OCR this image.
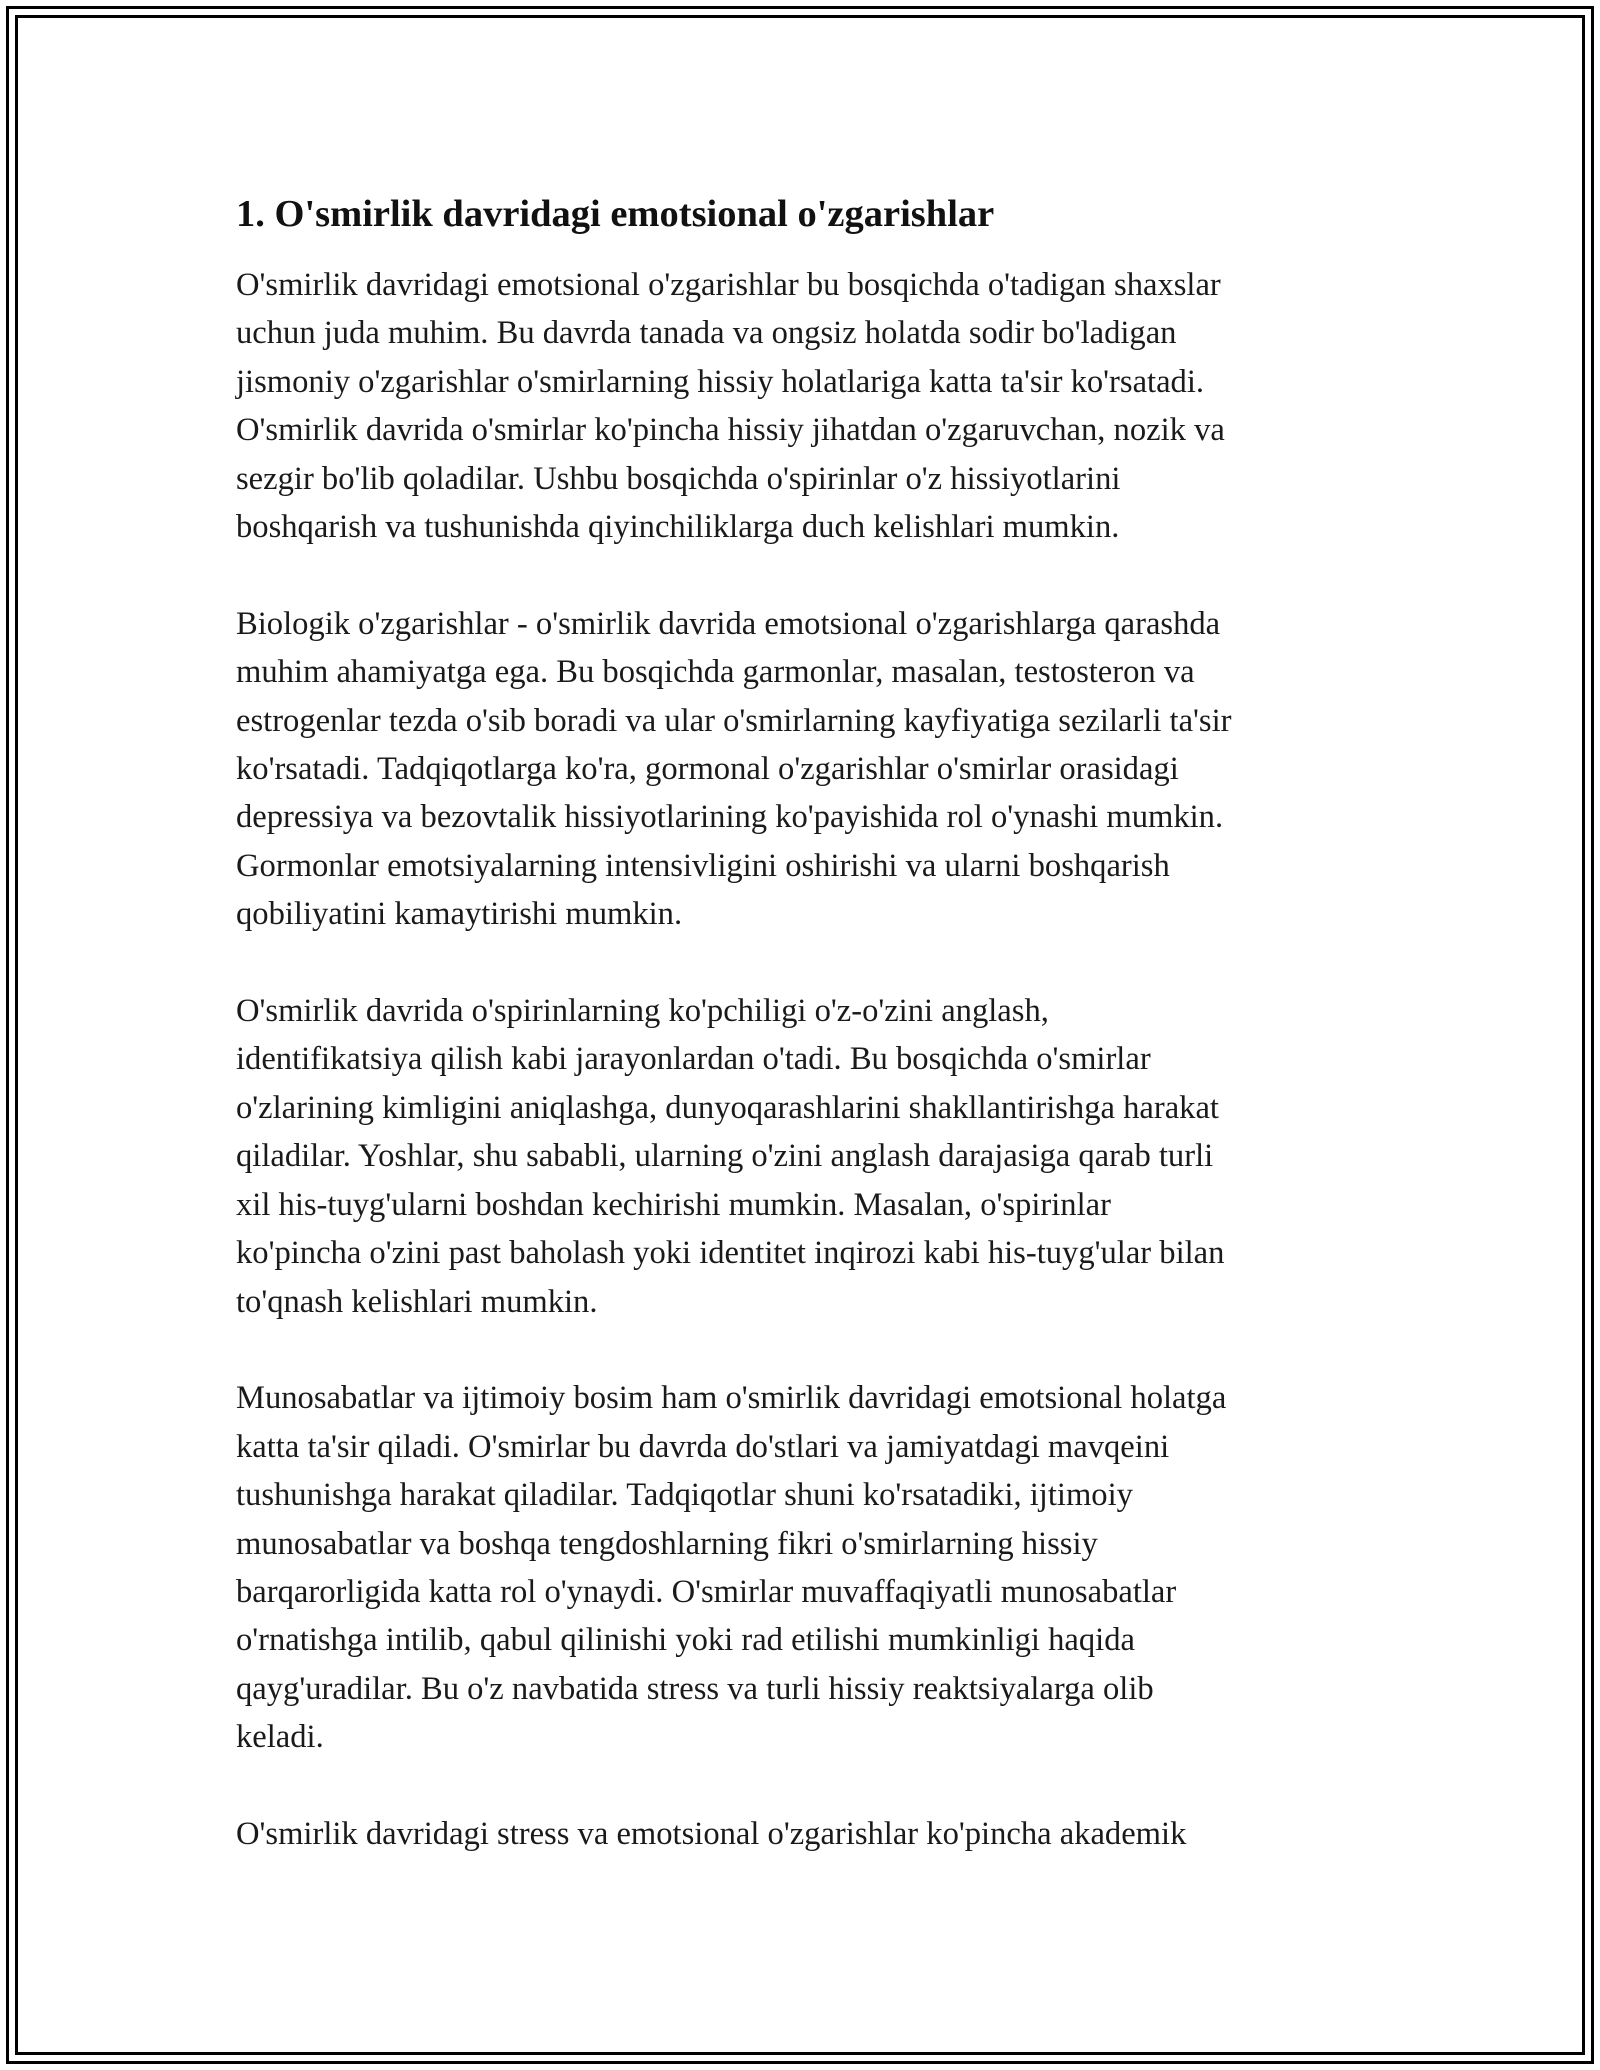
1. O'smirlik davridagi emotsional o'zgarishlar

O'smirlik davridagi emotsional o'zgarishlar bu bosqichda o'tadigan shaxslar
uchun juda muhim. Bu davrda tanada va ongsiz holatda sodir bo'ladigan
jismoniy o'zgarishlar o'smirlarning hissiy holatlariga katta ta'sir ko'rsatadi.
O'smirlik davrida o'smirlar ko'pincha hissiy jihatdan o'zgaruvchan, nozik va
sezgir bo'lib qoladilar. Ushbu bosqichda o'spirinlar o'z hissiyotlarini
boshqarish va tushunishda qiyinchiliklarga duch kelishlari mumkin.

Biologik o'zgarishlar - o'smirlik davrida emotsional o'zgarishlarga qarashda
muhim ahamiyatga ega. Bu bosqichda garmonlar, masalan, testosteron va
estrogenlar tezda o'sib boradi va ular o'smirlarning kayfiyatiga sezilarli ta'sir
ko'rsatadi. Tadqiqotlarga ko'ra, gormonal o'zgarishlar o'smirlar orasidagi
depressiya va bezovtalik hissiyotlarining ko'payishida rol o'ynashi mumkin.
Gormonlar emotsiyalarning intensivligini oshirishi va ularni boshqarish
qobiliyatini kamaytirishi mumkin.

O'smirlik davrida o'spirinlarning ko'pchiligi o'z-o'zini anglash,
identifikatsiya qilish kabi jarayonlardan o'tadi. Bu bosqichda o'smirlar
o'zlarining kimligini aniqlashga, dunyoqarashlarini shakllantirishga harakat
qiladilar. Yoshlar, shu sababli, ularning o'zini anglash darajasiga qarab turli
xil his-tuyg'ularni boshdan kechirishi mumkin. Masalan, o'spirinlar
ko'pincha o'zini past baholash yoki identitet inqirozi kabi his-tuyg'ular bilan
to'qnash kelishlari mumkin.

Munosabatlar va ijtimoiy bosim ham o'smirlik davridagi emotsional holatga
katta ta'sir qiladi. O'smirlar bu davrda do'stlari va jamiyatdagi mavqeini
tushunishga harakat qiladilar. Tadqiqotlar shuni ko'rsatadiki, ijtimoiy
munosabatlar va boshqa tengdoshlarning fikri o'smirlarning hissiy
barqarorligida katta rol o'ynaydi. O'smirlar muvaffaqiyatli munosabatlar
o'rnatishga intilib, qabul qilinishi yoki rad etilishi mumkinligi haqida
qayg'uradilar. Bu o'z navbatida stress va turli hissiy reaktsiyalarga olib
keladi.

O'smirlik davridagi stress va emotsional o'zgarishlar ko'pincha akademik
